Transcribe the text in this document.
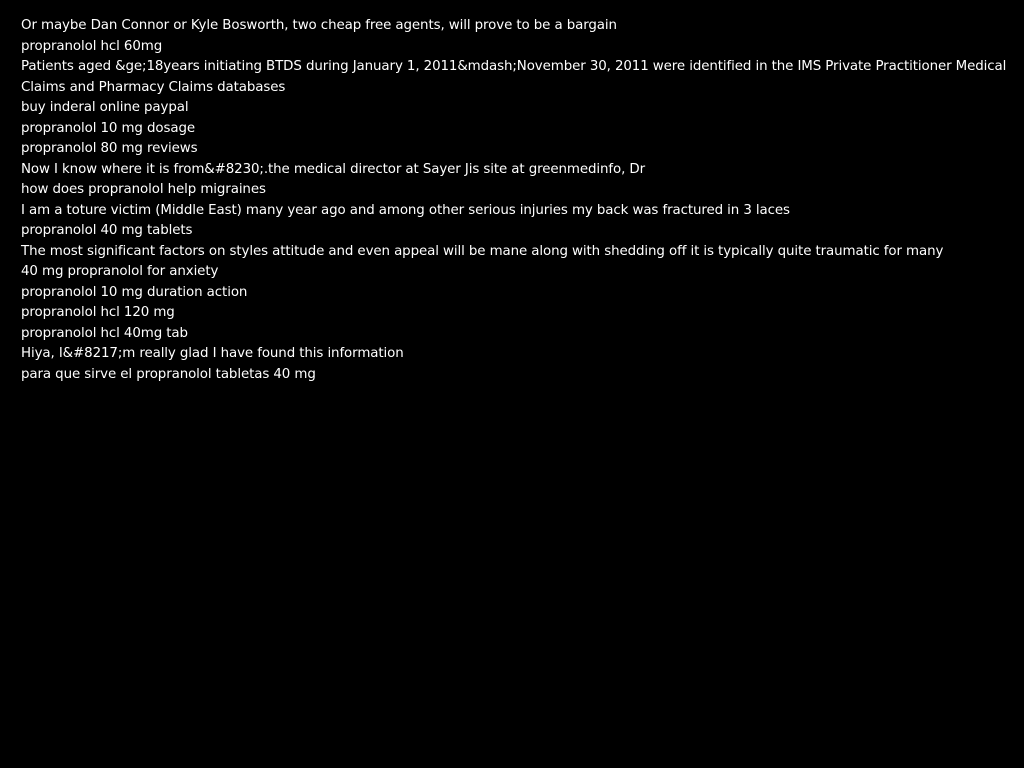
Or maybe Dan Connor or Kyle Bosworth, two cheap free agents, will prove to be a bargain
propranolol hcl 60mg
Patients aged &ge;18years initiating BTDS during January 1, 2011&mdash;November 30, 2011 were identified in the IMS Private Practitioner Medical Claims and Pharmacy Claims databases
buy inderal online paypal
propranolol 10 mg dosage
propranolol 80 mg reviews
Now I know where it is from&#8230;.the medical director at Sayer Jis site at greenmedinfo, Dr
how does propranolol help migraines
I am a toture victim (Middle East) many year ago and among other serious injuries my back was fractured in 3 laces
propranolol 40 mg tablets
The most significant factors on styles attitude and even appeal will be mane along with shedding off it is typically quite traumatic for many
40 mg propranolol for anxiety
propranolol 10 mg duration action
propranolol hcl 120 mg
propranolol hcl 40mg tab
Hiya, I&#8217;m really glad I have found this information
para que sirve el propranolol tabletas 40 mg
